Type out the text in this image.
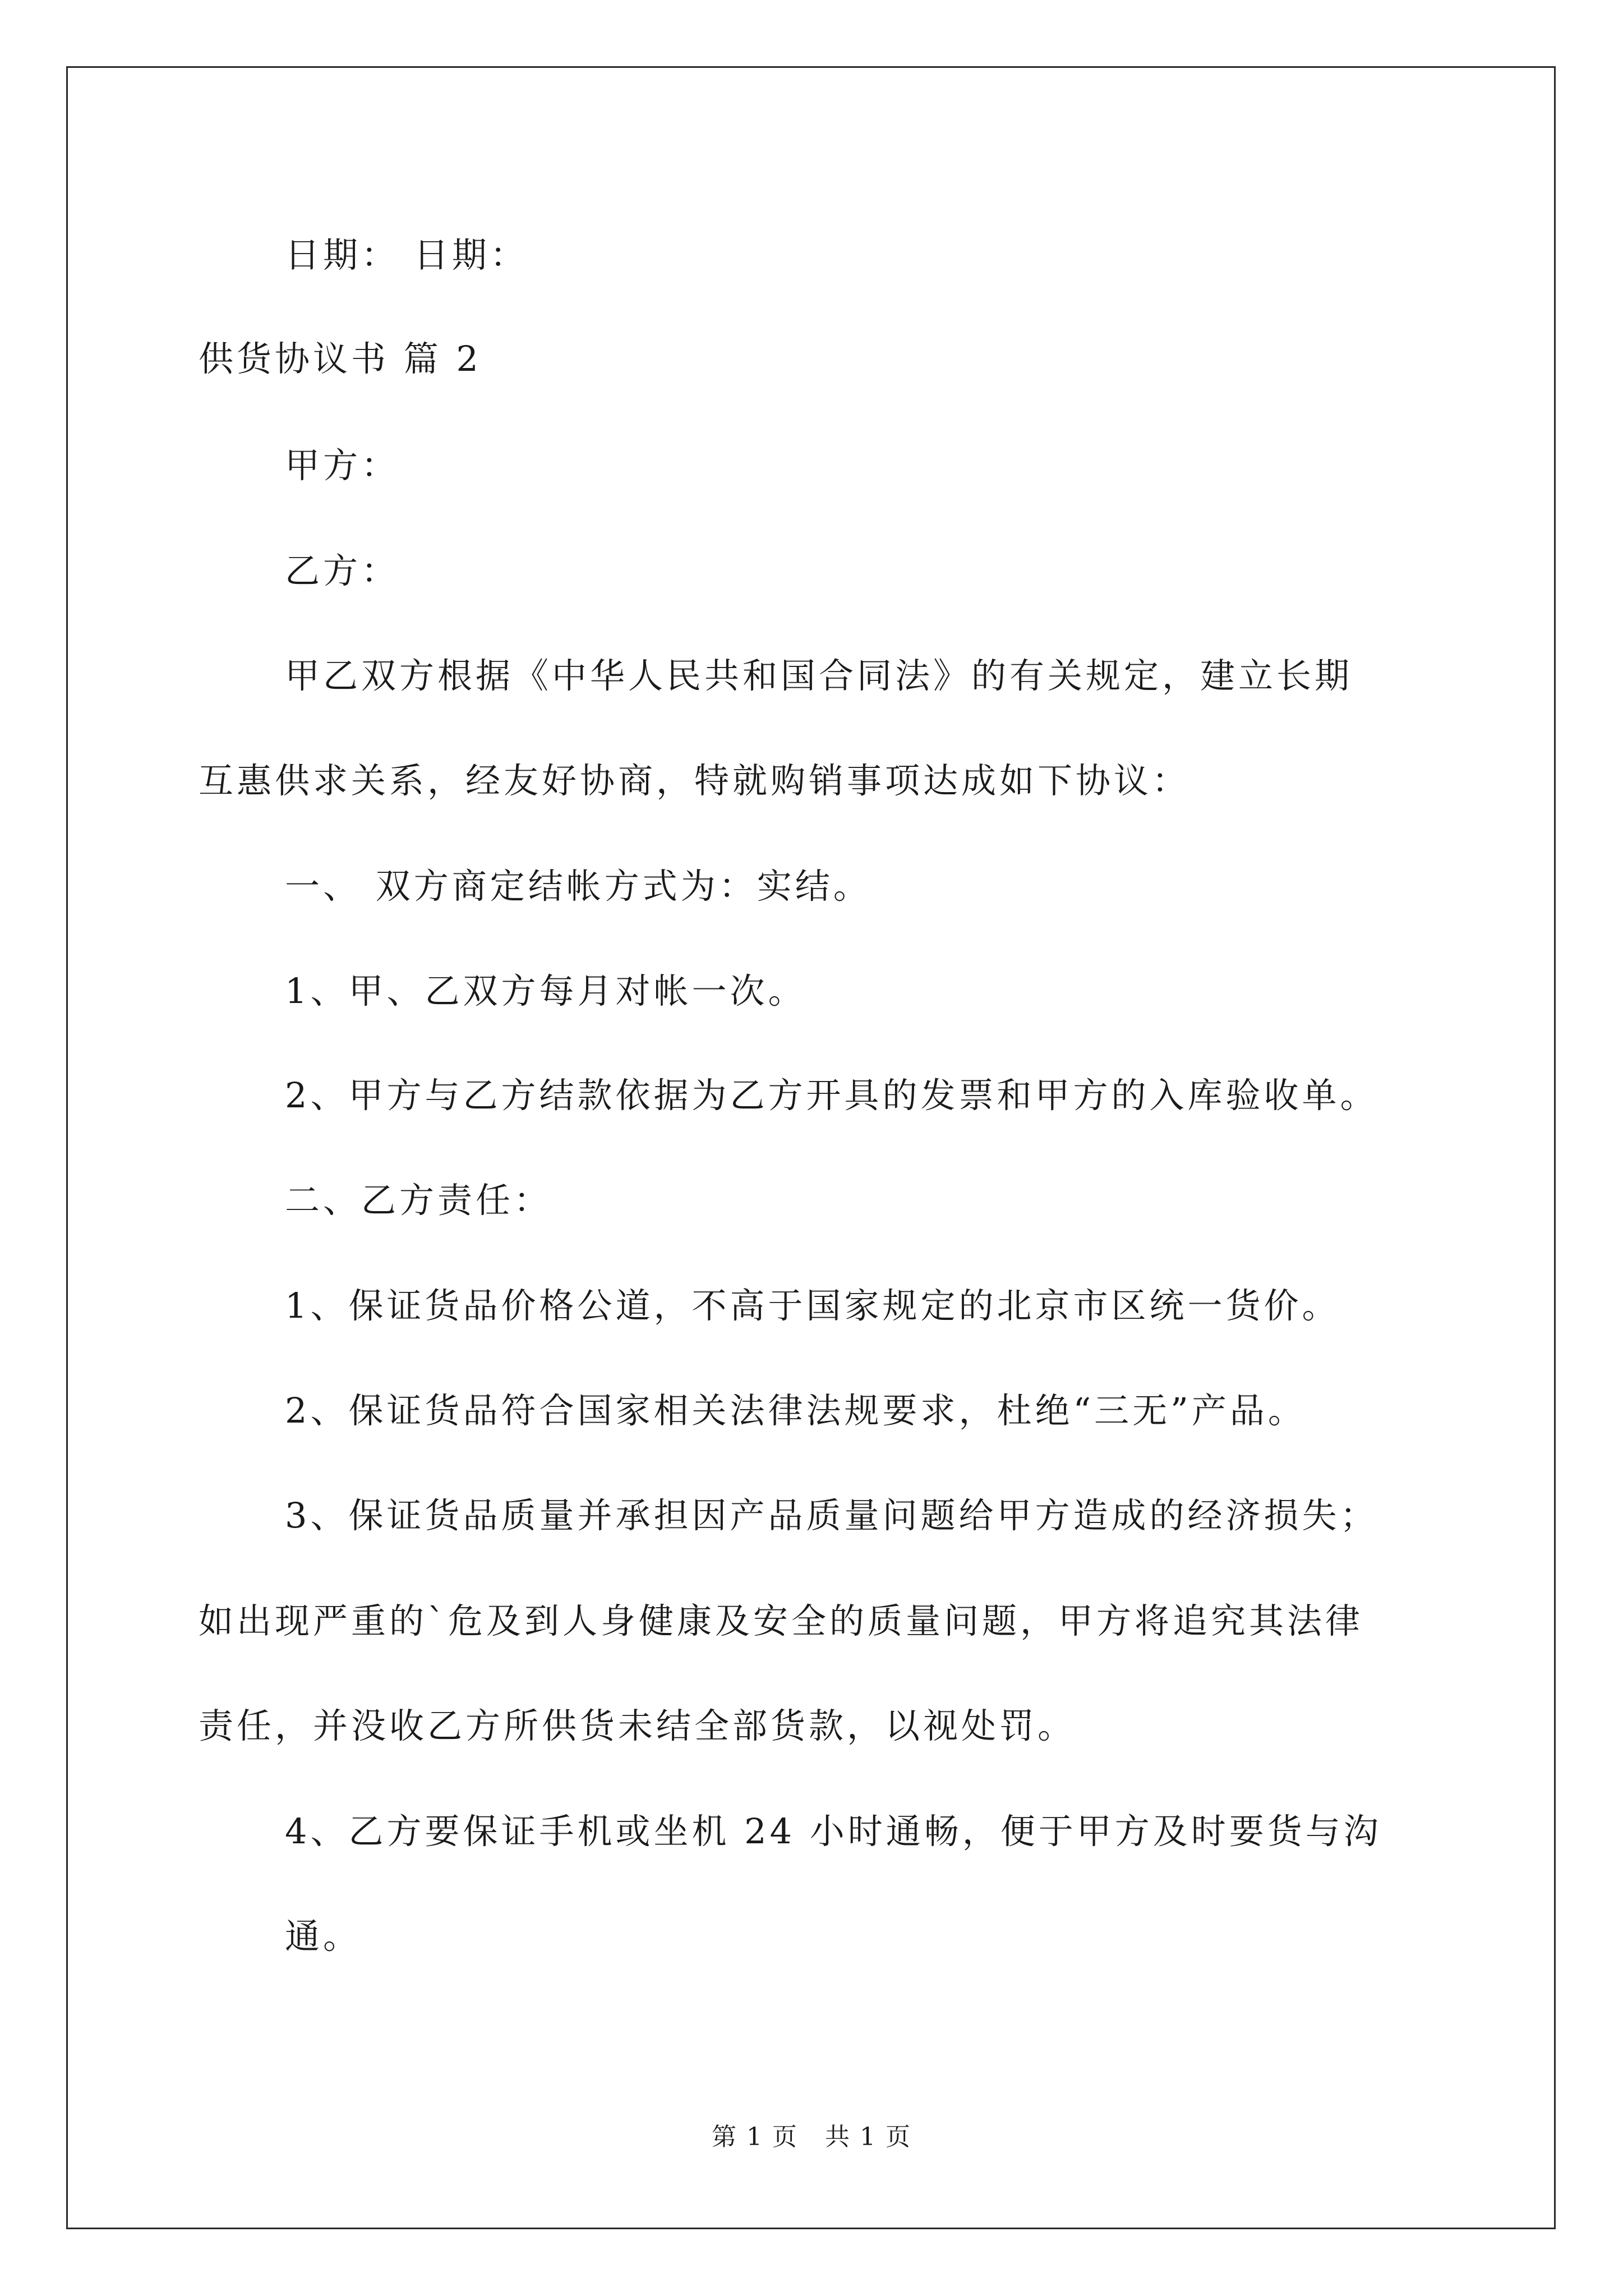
日期： 日期：
供货协议书 篇 2
甲方：
乙方：
甲乙双方根据《中华人民共和国合同法》的有关规定，建立长期
互惠供求关系，经友好协商，特就购销事项达成如下协议：
一、 双方商定结帐方式为：实结。
1、甲、乙双方每月对帐一次。
2、甲方与乙方结款依据为乙方开具的发票和甲方的入库验收单。
二、乙方责任：
1、保证货品价格公道，不高于国家规定的北京市区统一货价。
2、保证货品符合国家相关法律法规要求，杜绝“三无”产品。
3、保证货品质量并承担因产品质量问题给甲方造成的经济损失；
如出现严重的`危及到人身健康及安全的质量问题，甲方将追究其法律
责任，并没收乙方所供货未结全部货款，以视处罚。
4、乙方要保证手机或坐机 24 小时通畅，便于甲方及时要货与沟
通。
第 1 页   共 1 页
